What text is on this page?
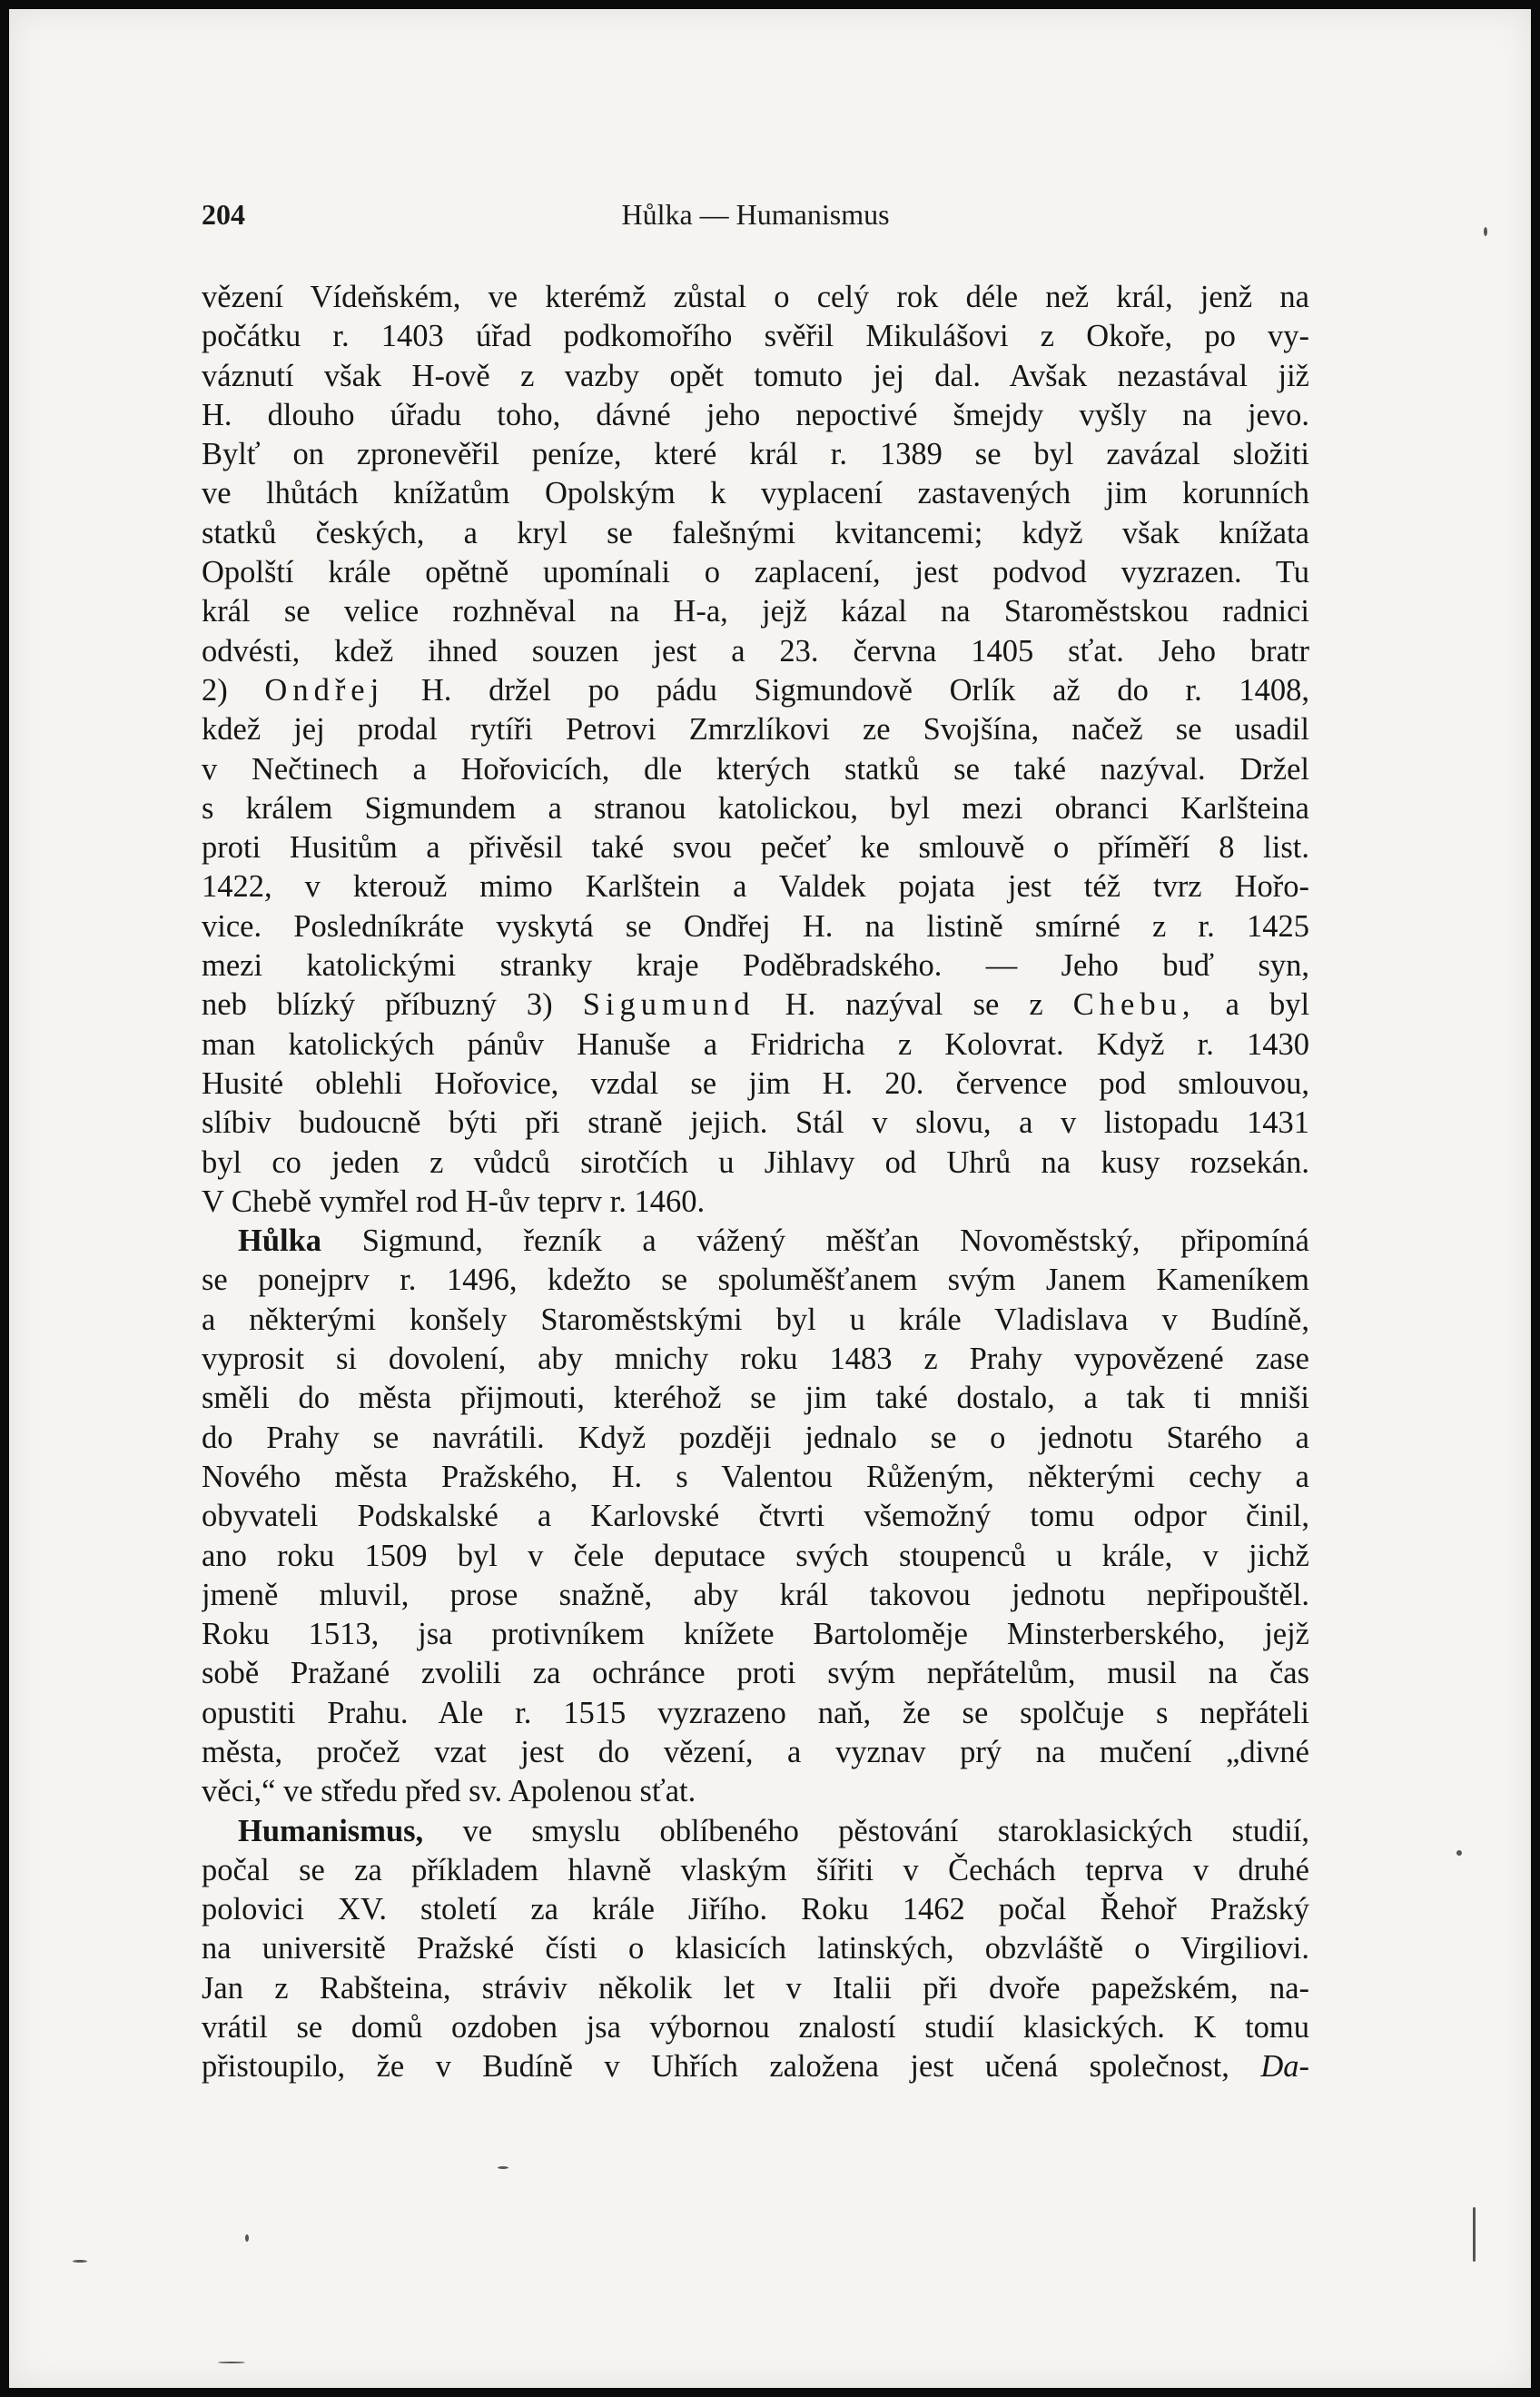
204	Hůlka — Humanismus
vězení Vídeňském, ve kterémž zůstal o celý rok déle než král, jenž na
počátku r. 1403 úřad podkomořího svěřil Mikulášovi z Okoře, po vy-
váznutí však H-ově z vazby opět tomuto jej dal. Avšak nezastával již
H. dlouho úřadu toho, dávné jeho nepoctivé šmejdy vyšly na jevo.
Bylť on zpronevěřil peníze, které král r. 1389 se byl zavázal složiti
ve lhůtách knížatům Opolským k vyplacení zastavených jim korunních
statků českých, a kryl se falešnými kvitancemi; když však knížata
Opolští krále opětně upomínali o zaplacení, jest podvod vyzrazen. Tu
král se velice rozhněval na H-a, jejž kázal na Staroměstskou radnici
odvésti, kdež ihned souzen jest a 23. června 1405 sťat. Jeho bratr
2) Ondřej H. držel po pádu Sigmundově Orlík až do r. 1408,
kdež jej prodal rytíři Petrovi Zmrzlíkovi ze Svojšína, načež se usadil
v Nečtinech a Hořovicích, dle kterých statků se také nazýval. Držel
s králem Sigmundem a stranou katolickou, byl mezi obranci Karlšteina
proti Husitům a přivěsil také svou pečeť ke smlouvě o příměří 8 list.
1422, v kterouž mimo Karlštein a Valdek pojata jest též tvrz Hořo-
vice. Posledníkráte vyskytá se Ondřej H. na listině smírné z r. 1425
mezi katolickými stranky kraje Poděbradského. — Jeho buď syn,
neb blízký příbuzný 3) Sigumund H. nazýval se z Chebu, a byl
man katolických pánův Hanuše a Fridricha z Kolovrat. Když r. 1430
Husité oblehli Hořovice, vzdal se jim H. 20. července pod smlouvou,
slíbiv budoucně býti při straně jejich. Stál v slovu, a v listopadu 1431
byl co jeden z vůdců sirotčích u Jihlavy od Uhrů na kusy rozsekán.
V Chebě vymřel rod H-ův teprv r. 1460.
Hůlka Sigmund, řezník a vážený měšťan Novoměstský, připomíná
se ponejprv r. 1496, kdežto se spoluměšťanem svým Janem Kameníkem
a některými konšely Staroměstskými byl u krále Vladislava v Budíně,
vyprosit si dovolení, aby mnichy roku 1483 z Prahy vypovězené zase
směli do města přijmouti, kteréhož se jim také dostalo, a tak ti mniši
do Prahy se navrátili. Když později jednalo se o jednotu Starého a
Nového města Pražského, H. s Valentou Růženým, některými cechy a
obyvateli Podskalské a Karlovské čtvrti všemožný tomu odpor činil,
ano roku 1509 byl v čele deputace svých stoupenců u krále, v jichž
jmeně mluvil, prose snažně, aby král takovou jednotu nepřipouštěl.
Roku 1513, jsa protivníkem knížete Bartoloměje Minsterberského, jejž
sobě Pražané zvolili za ochránce proti svým nepřátelům, musil na čas
opustiti Prahu. Ale r. 1515 vyzrazeno naň, že se spolčuje s nepřáteli
města, pročež vzat jest do vězení, a vyznav prý na mučení „divné
věci,“ ve středu před sv. Apolenou sťat.
Humanismus, ve smyslu oblíbeného pěstování staroklasických studií,
počal se za příkladem hlavně vlaským šířiti v Čechách teprva v druhé
polovici XV. století za krále Jiřího. Roku 1462 počal Řehoř Pražský
na universitě Pražské čísti o klasicích latinských, obzvláště o Virgiliovi.
Jan z Rabšteina, stráviv několik let v Italii při dvoře papežském, na-
vrátil se domů ozdoben jsa výbornou znalostí studií klasických. K tomu
přistoupilo, že v Budíně v Uhřích založena jest učená společnost, Da-
